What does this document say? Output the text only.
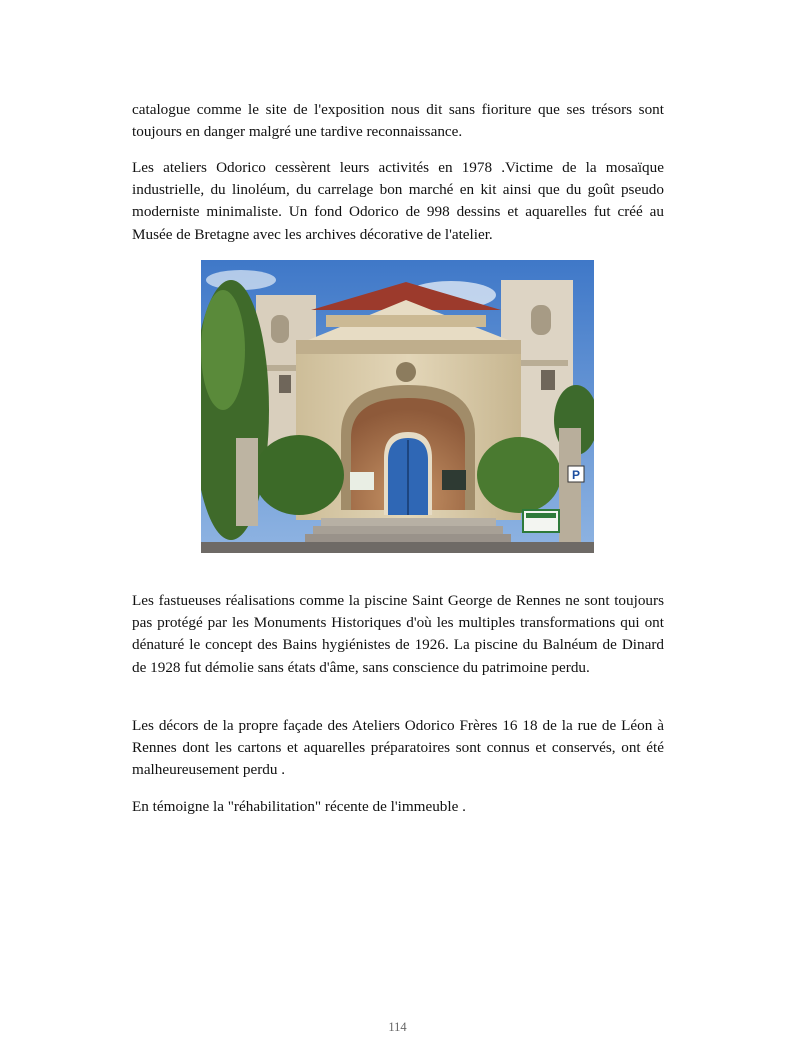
catalogue comme le site de l'exposition nous dit sans fioriture que ses trésors sont toujours en danger malgré une tardive reconnaissance.

Les ateliers Odorico cessèrent leurs activités en 1978 .Victime de la mosaïque industrielle, du linoléum, du carrelage bon marché en kit ainsi que du goût pseudo moderniste minimaliste. Un fond Odorico de 998 dessins et aquarelles fut créé au Musée de Bretagne avec les archives décorative de l'atelier.

P

Les fastueuses réalisations comme la piscine Saint George de Rennes ne sont toujours pas protégé par les Monuments Historiques d'où les multiples transformations qui ont dénaturé le concept des Bains hygiénistes de 1926. La piscine du Balnéum de Dinard de 1928 fut démolie sans états d'âme, sans conscience du patrimoine perdu.

Les décors de la propre façade des Ateliers Odorico Frères 16 18 de la rue de Léon à Rennes dont les cartons et aquarelles préparatoires sont connus et conservés, ont été malheureusement perdu .

En témoigne la "réhabilitation" récente de l'immeuble .

114
